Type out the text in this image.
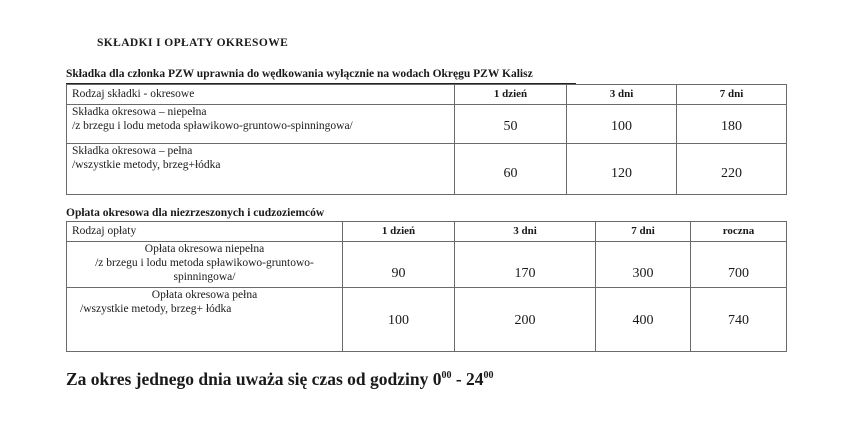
SKŁADKI I OPŁATY OKRESOWE
Składka dla członka PZW uprawnia do wędkowania wyłącznie na wodach Okręgu PZW Kalisz
Rodzaj składki - okresowe	1 dzień	3 dni	7 dni

Składka okresowa – niepełna
/z brzegu i lodu metoda spławikowo-gruntowo-spinningowa/	50	100	180

Składka okresowa – pełna
/wszystkie metody, brzeg+łódka	60	120	220
Opłata okresowa dla niezrzeszonych i cudzoziemców
Rodzaj opłaty	1 dzień	3 dni	7 dni	roczna

Opłata okresowa niepełna
/z brzegu i lodu metoda spławikowo-gruntowo-
spinningowa/	90	170	300	700

Opłata okresowa pełna
/wszystkie metody, brzeg+ łódka	100	200	400	740
Za okres jednego dnia uważa się czas od godziny $0^{00} - 24^{00}$
